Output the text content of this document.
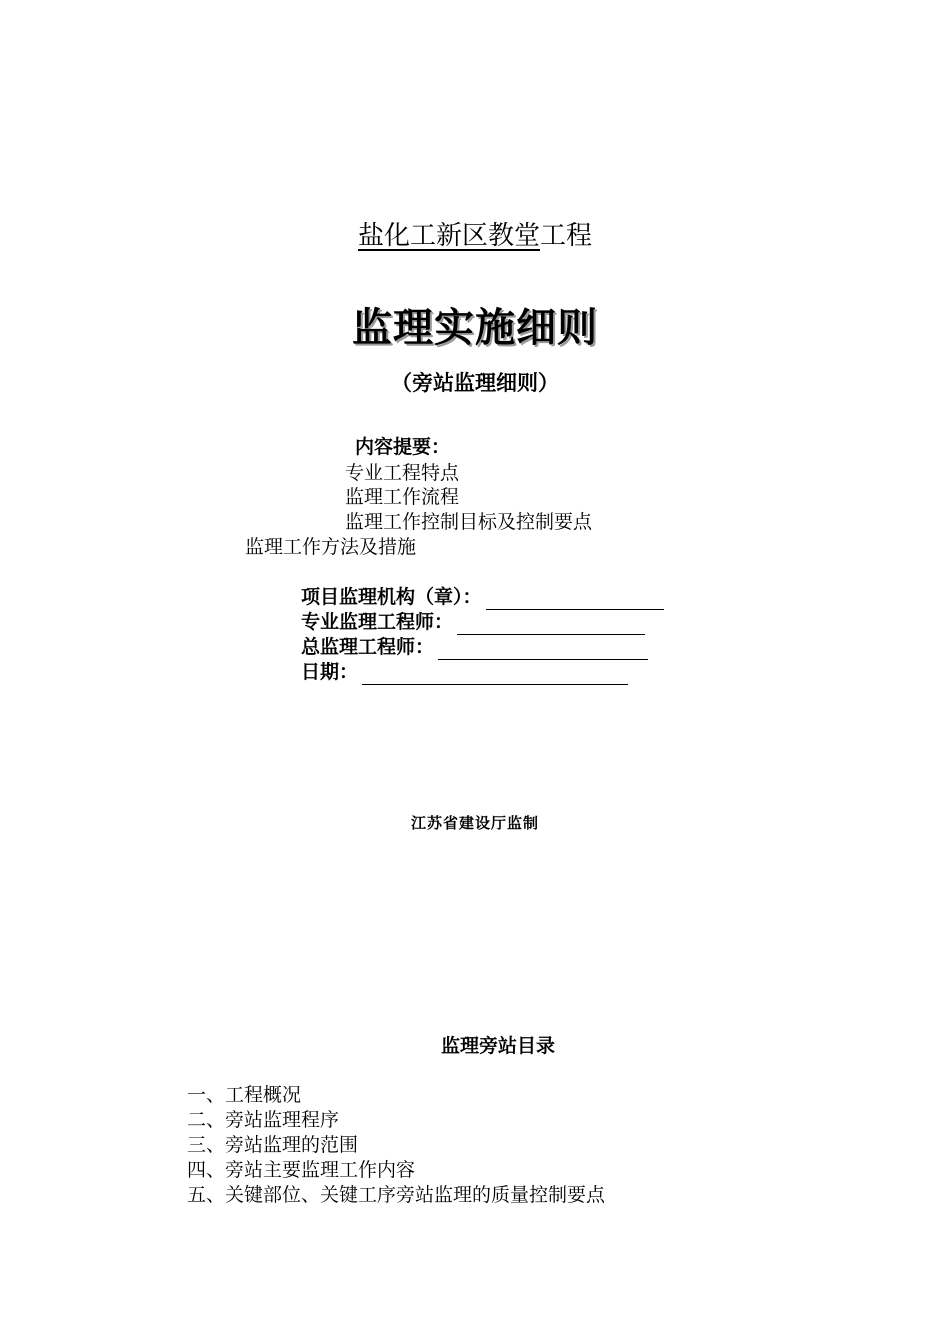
盐化工新区教堂工程
监理实施细则
（旁站监理细则）
内容提要：
专业工程特点
监理工作流程
监理工作控制目标及控制要点
监理工作方法及措施
项目监理机构（章）：
专业监理工程师：
总监理工程师：
日期：
江苏省建设厅监制
监理旁站目录
一、工程概况
二、旁站监理程序
三、旁站监理的范围
四、旁站主要监理工作内容
五、关键部位、关键工序旁站监理的质量控制要点
